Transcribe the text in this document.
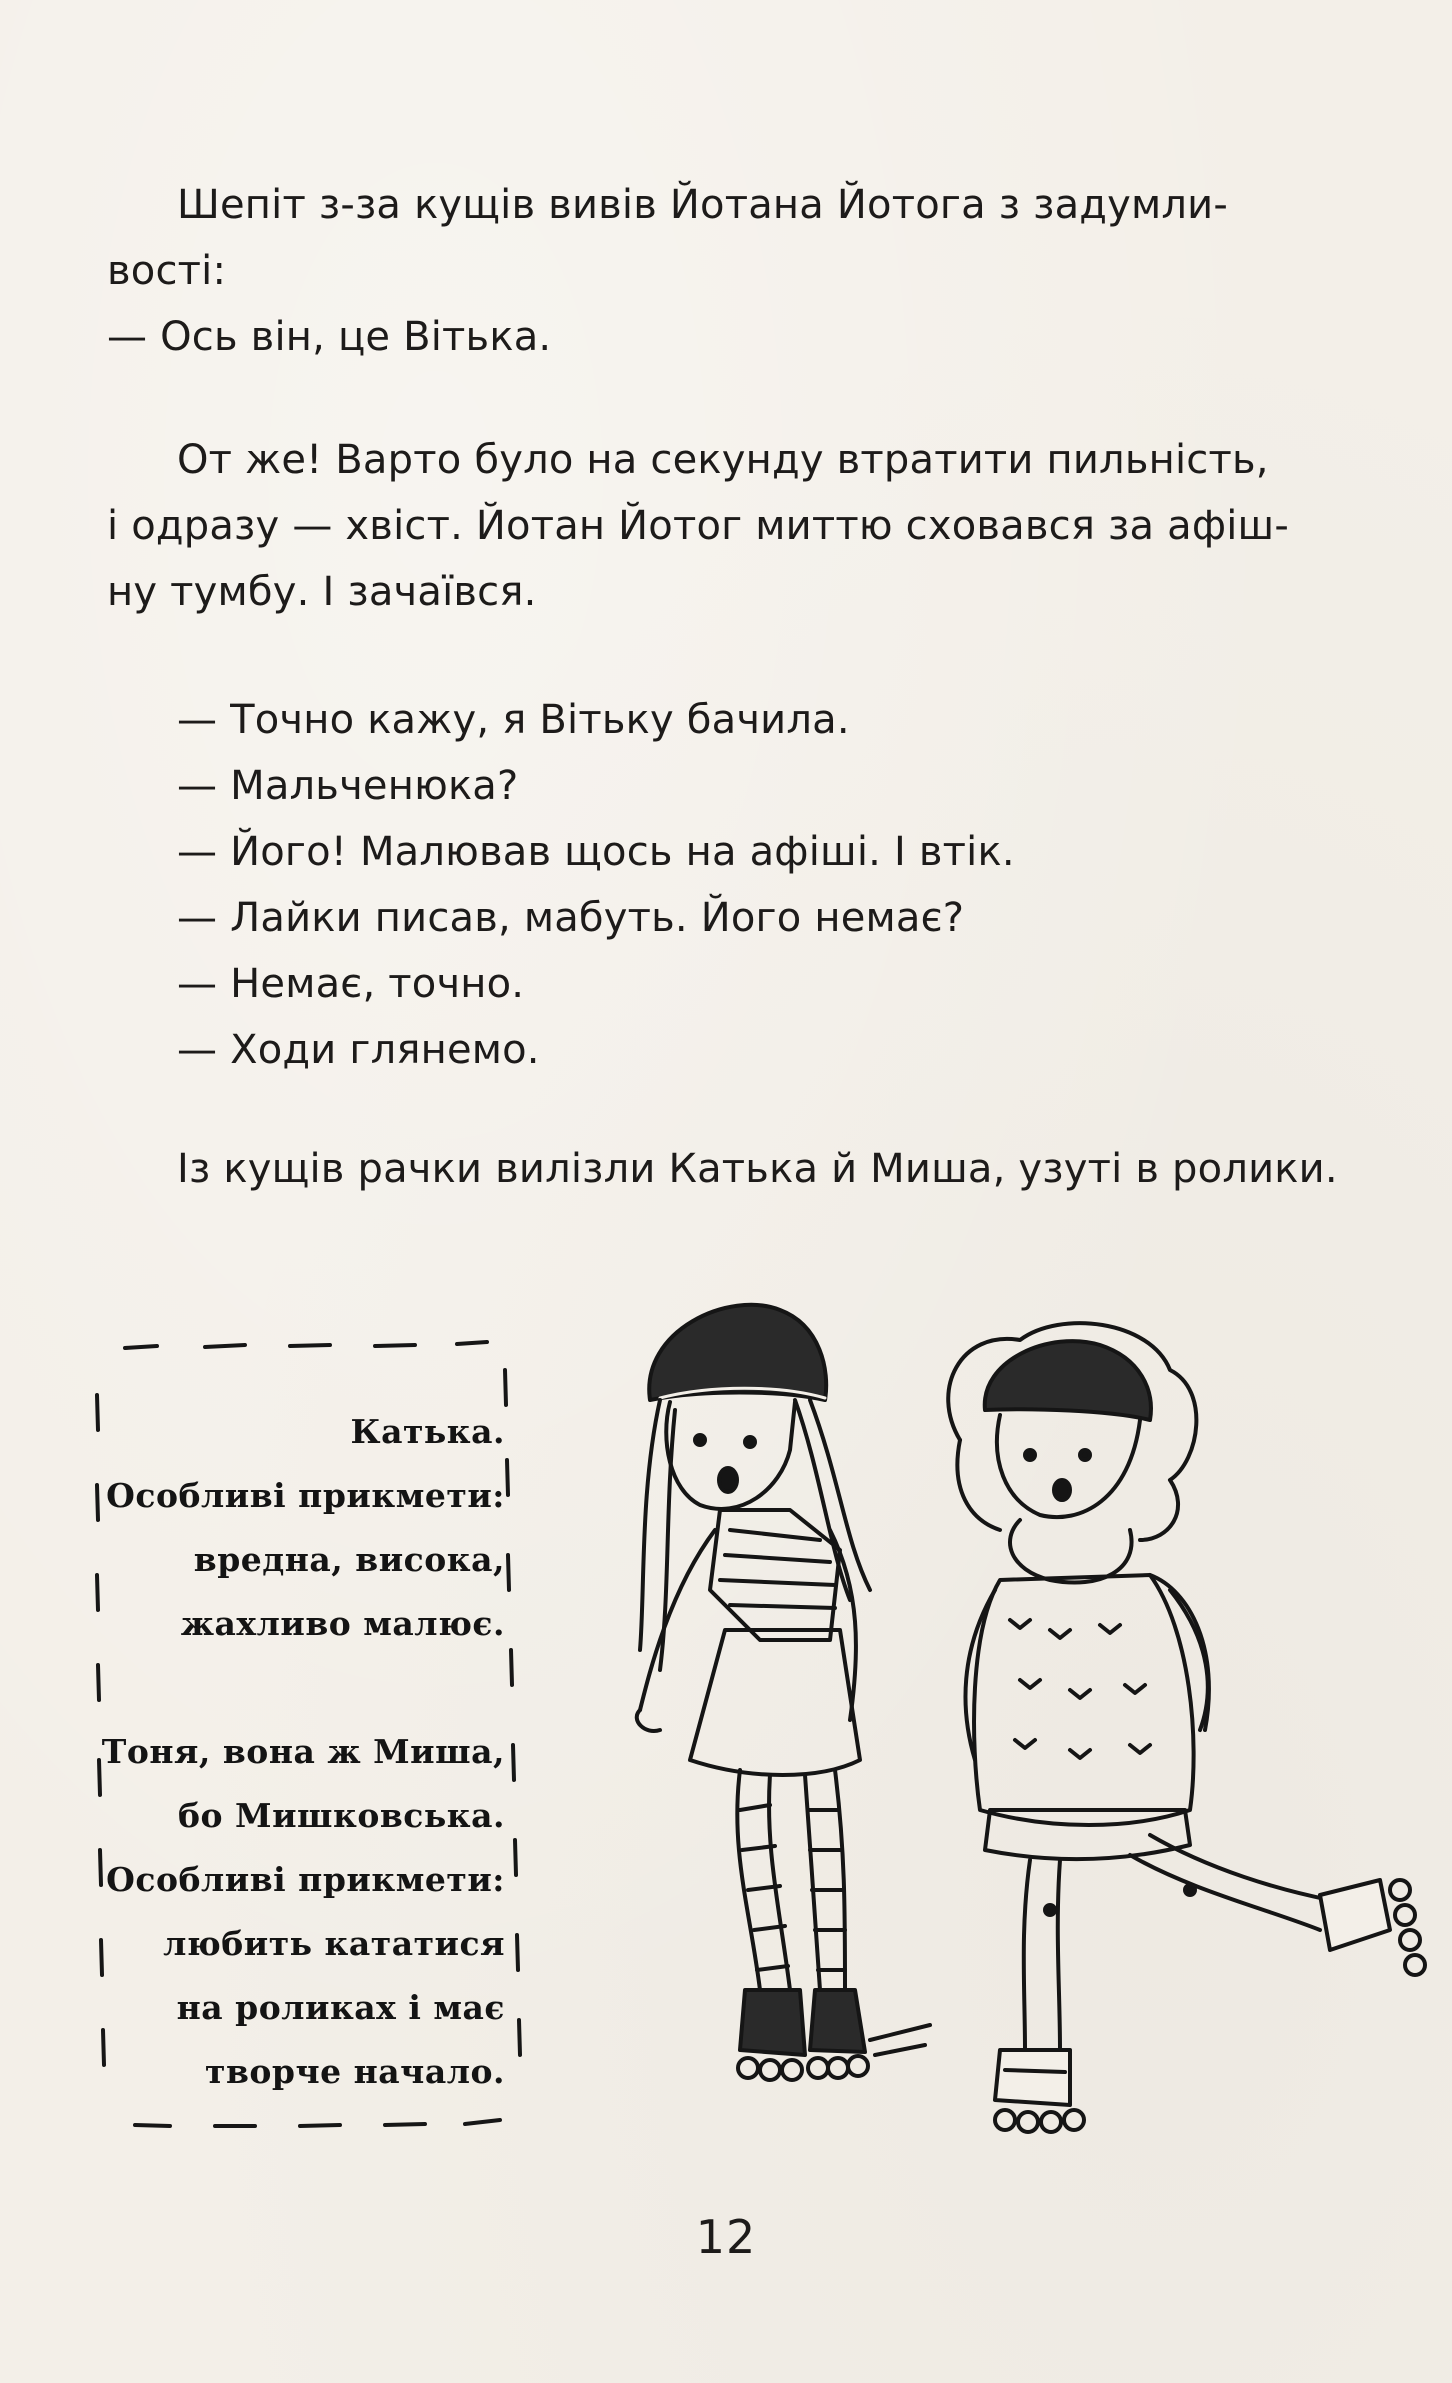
Шепіт з-за кущів вивів Йотана Йотога з задумли-

вості:
— Ось він, це Вітька.

От же! Варто було на секунду втратити пильність,

і одразу — хвіст. Йотан Йотог миттю сховався за афіш-
ну тумбу. І зачаївся.
— Точно кажу, я Вітьку бачила.
— Мальченюка?
— Його! Малював щось на афіші. І втік.
— Лайки писав, мабуть. Його немає?
— Немає, точно.
— Ходи глянемо.

Із кущів рачки вилізли Катька й Миша, узуті в ролики.

Катька.
Особливі прикмети:
вредна, висока,
жахливо малює.
Тоня, вона ж Миша,
бо Мишковська.
Особливі прикмети:
любить кататися
на роликах і має
творче начало.
12
